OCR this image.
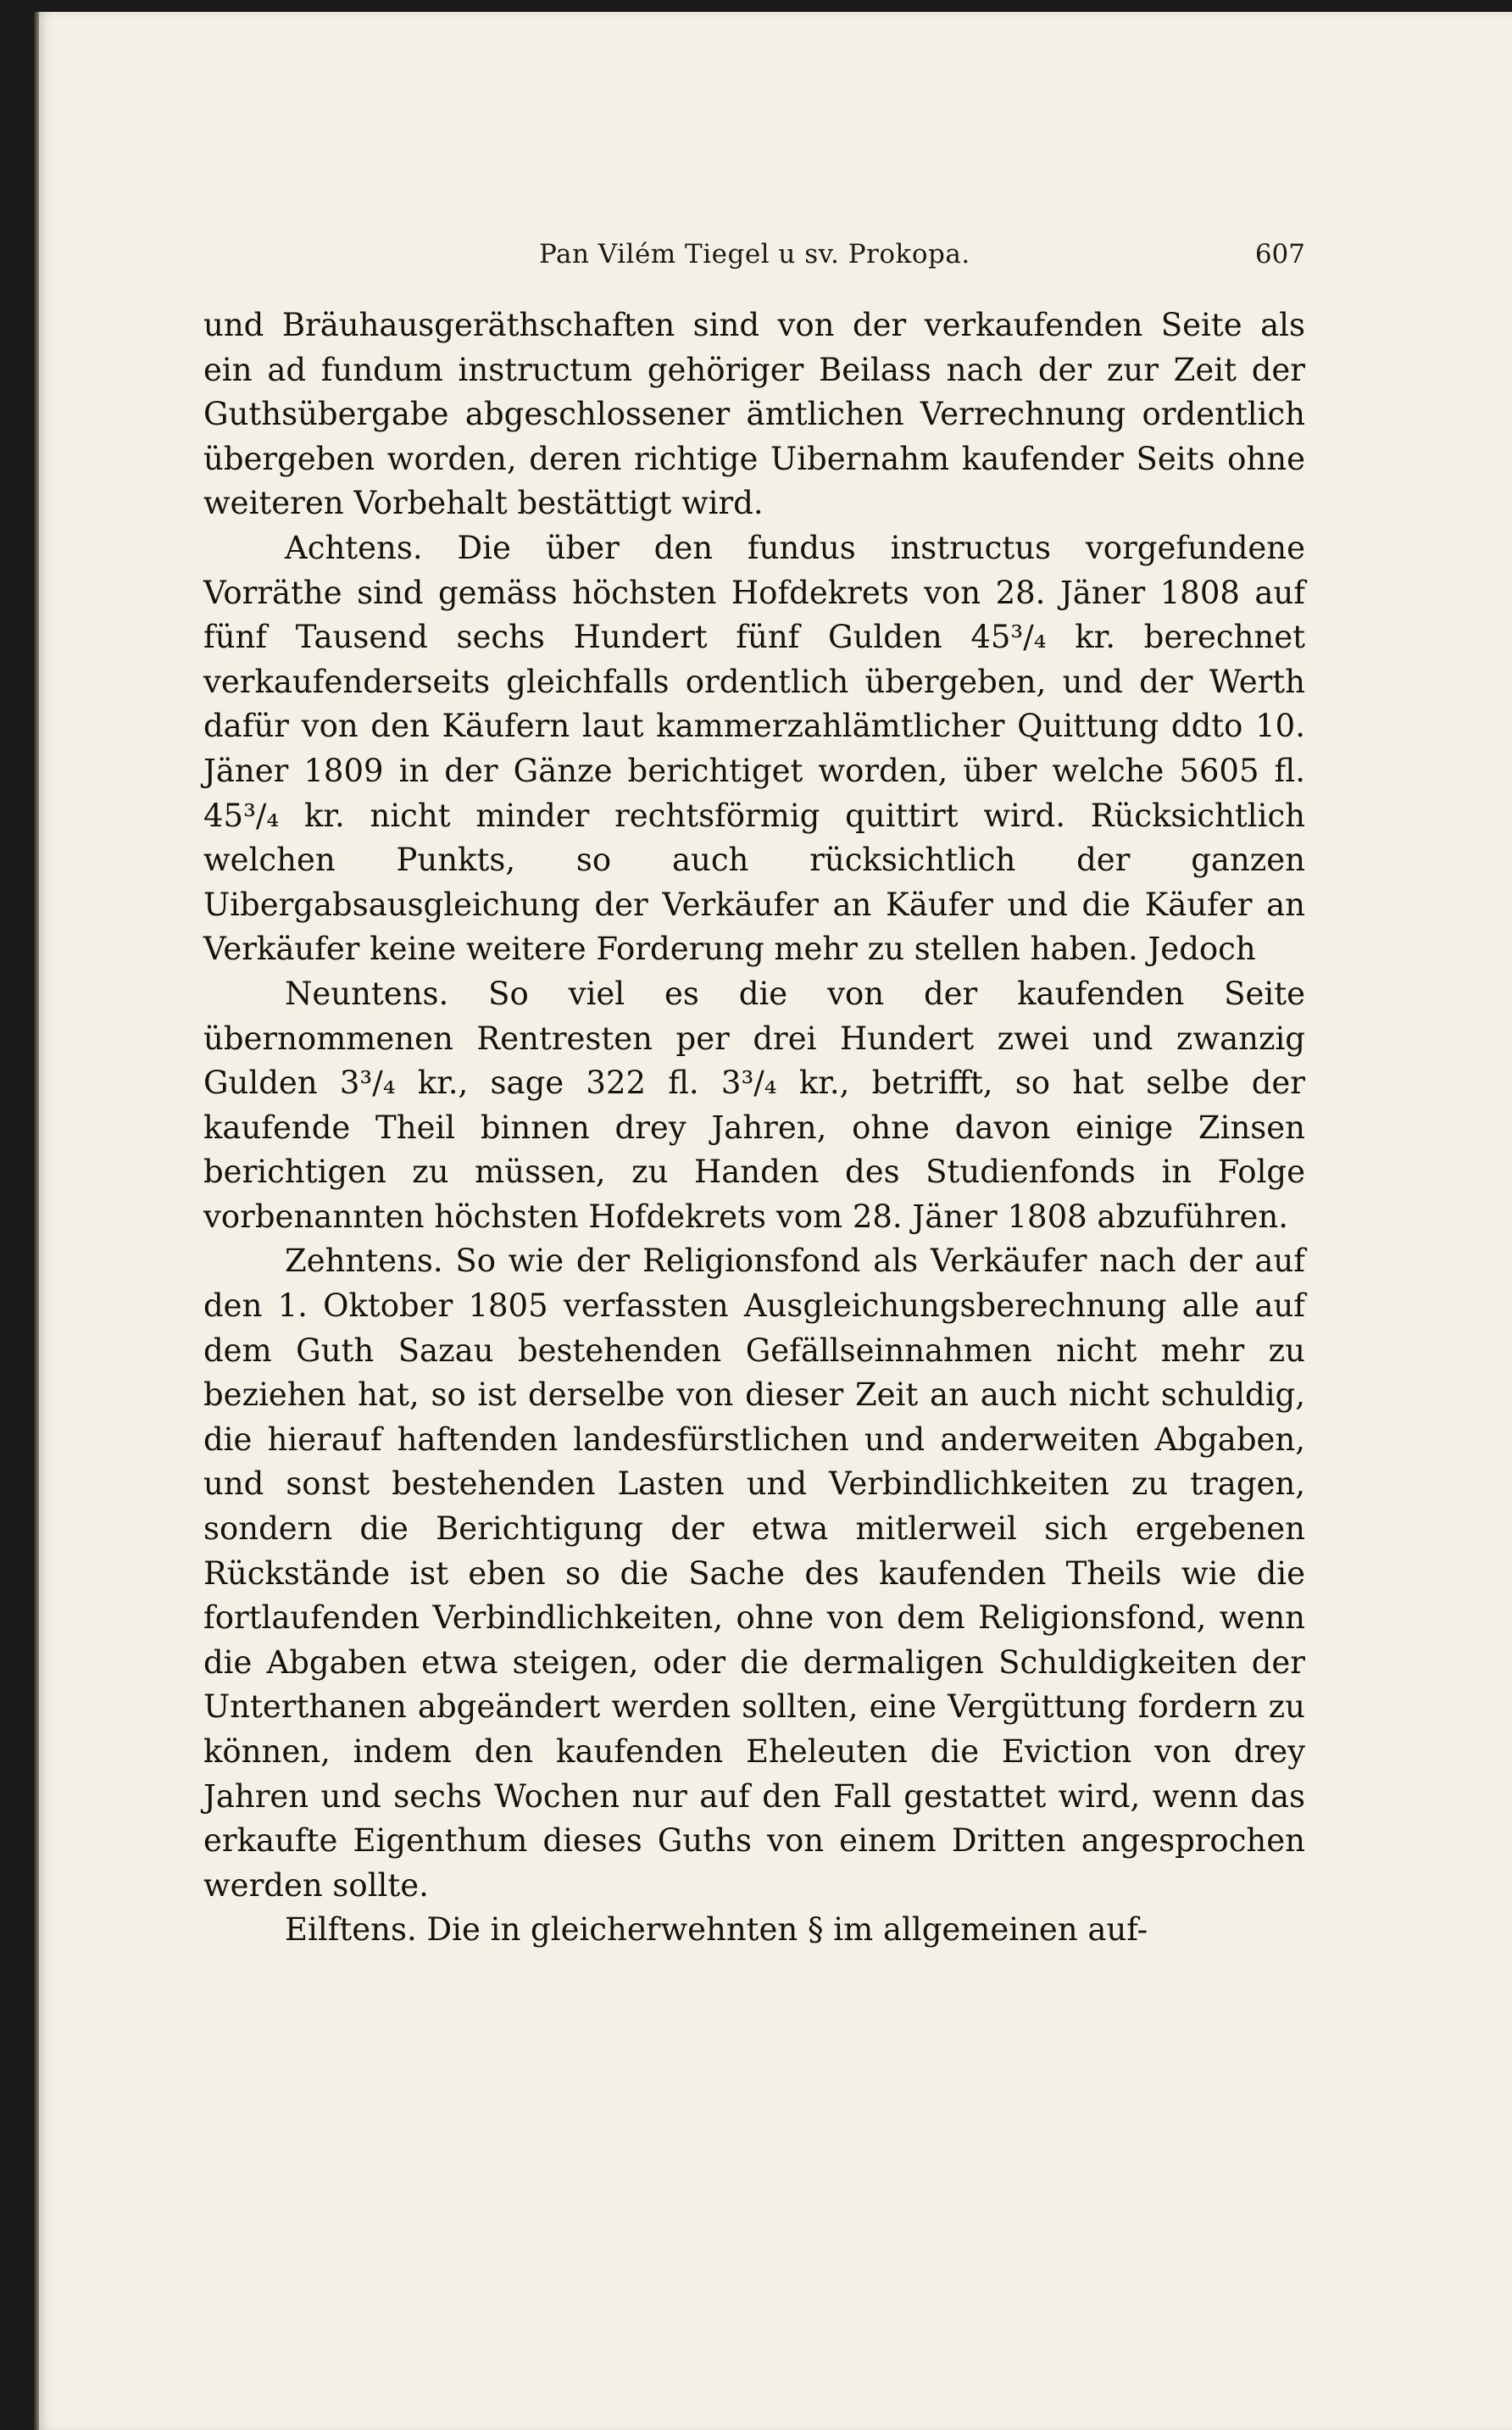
Pan Vilém Tiegel u sv. Prokopa.	607

und Bräuhausgeräthschaften sind von der verkaufenden Seite als ein ad fundum instructum gehöriger Beilass nach der zur Zeit der Guthsübergabe abgeschlossener ämtlichen Verrechnung ordentlich übergeben worden, deren richtige Uibernahm kaufender Seits ohne weiteren Vorbehalt bestättigt wird.

Achtens. Die über den fundus instructus vorgefundene Vorräthe sind gemäss höchsten Hofdekrets von 28. Jäner 1808 auf fünf Tausend sechs Hundert fünf Gulden 45³/₄ kr. berechnet verkaufenderseits gleichfalls ordentlich übergeben, und der Werth dafür von den Käufern laut kammerzahlämtlicher Quittung ddto 10. Jäner 1809 in der Gänze berichtiget worden, über welche 5605 fl. 45³/₄ kr. nicht minder rechtsförmig quittirt wird. Rücksichtlich welchen Punkts, so auch rücksichtlich der ganzen Uibergabsausgleichung der Verkäufer an Käufer und die Käufer an Verkäufer keine weitere Forderung mehr zu stellen haben. Jedoch

Neuntens. So viel es die von der kaufenden Seite übernommenen Rentresten per drei Hundert zwei und zwanzig Gulden 3³/₄ kr., sage 322 fl. 3³/₄ kr., betrifft, so hat selbe der kaufende Theil binnen drey Jahren, ohne davon einige Zinsen berichtigen zu müssen, zu Handen des Studienfonds in Folge vorbenannten höchsten Hofdekrets vom 28. Jäner 1808 abzuführen.

Zehntens. So wie der Religionsfond als Verkäufer nach der auf den 1. Oktober 1805 verfassten Ausgleichungsberechnung alle auf dem Guth Sazau bestehenden Gefällseinnahmen nicht mehr zu beziehen hat, so ist derselbe von dieser Zeit an auch nicht schuldig, die hierauf haftenden landesfürstlichen und anderweiten Abgaben, und sonst bestehenden Lasten und Verbindlichkeiten zu tragen, sondern die Berichtigung der etwa mitlerweil sich ergebenen Rückstände ist eben so die Sache des kaufenden Theils wie die fortlaufenden Verbindlichkeiten, ohne von dem Religionsfond, wenn die Abgaben etwa steigen, oder die dermaligen Schuldigkeiten der Unterthanen abgeändert werden sollten, eine Vergüttung fordern zu können, indem den kaufenden Eheleuten die Eviction von drey Jahren und sechs Wochen nur auf den Fall gestattet wird, wenn das erkaufte Eigenthum dieses Guths von einem Dritten angesprochen werden sollte.

Eilftens. Die in gleicherwehnten § im allgemeinen auf-
